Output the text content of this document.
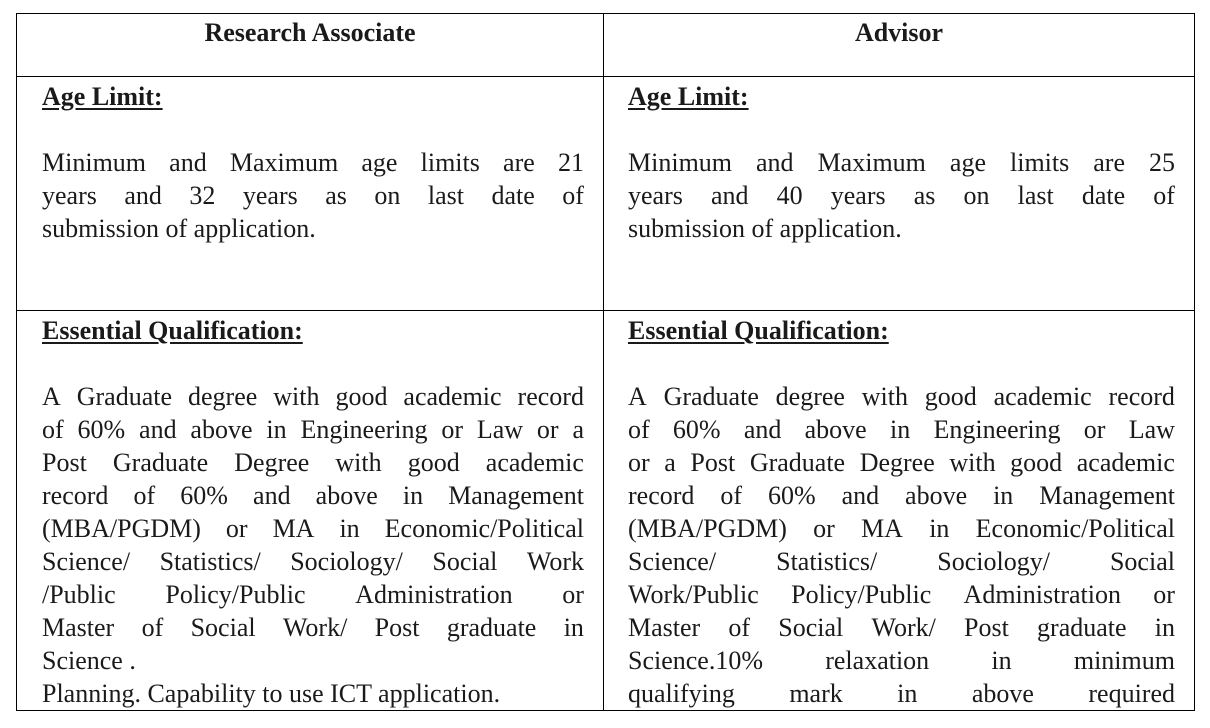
Research Associate	Advisor

Age Limit:

Minimum and Maximum age limits are 21
years and 32 years as on last date of
submission of application.

Age Limit:

Minimum and Maximum age limits are 25
years and 40 years as on last date of
submission of application.

Essential Qualification:

A Graduate degree with good academic record
of 60% and above in Engineering or Law or a
Post Graduate Degree with good academic
record of 60% and above in Management
(MBA/PGDM) or MA in Economic/Political
Science/ Statistics/ Sociology/ Social Work
/Public Policy/Public Administration or
Master of Social Work/ Post graduate in
Science .
Planning. Capability to use ICT application.

Essential Qualification:

A Graduate degree with good academic record
of 60% and above in Engineering or Law
or a Post Graduate Degree with good academic
record of 60% and above in Management
(MBA/PGDM) or MA in Economic/Political
Science/ Statistics/ Sociology/ Social
Work/Public Policy/Public Administration or
Master of Social Work/ Post graduate in
Science.10% relaxation in minimum
qualifying mark in above required
